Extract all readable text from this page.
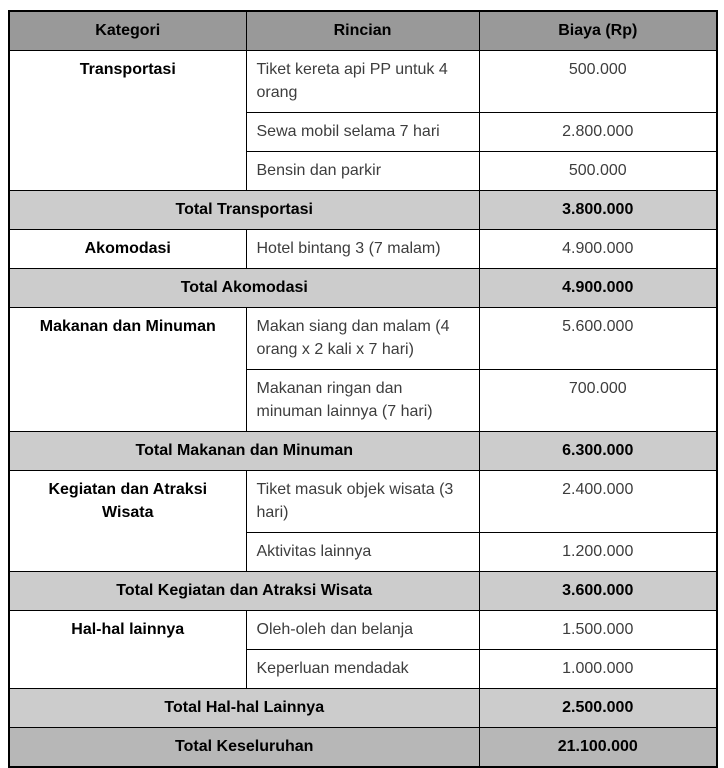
Kategori	Rincian	Biaya (Rp)
Transportasi	Tiket kereta api PP untuk 4 orang	500.000
	Sewa mobil selama 7 hari	2.800.000
	Bensin dan parkir	500.000
Total Transportasi		3.800.000
Akomodasi	Hotel bintang 3 (7 malam)	4.900.000
Total Akomodasi		4.900.000
Makanan dan Minuman	Makan siang dan malam (4 orang x 2 kali x 7 hari)	5.600.000
	Makanan ringan dan minuman lainnya (7 hari)	700.000
Total Makanan dan Minuman		6.300.000
Kegiatan dan Atraksi Wisata	Tiket masuk objek wisata (3 hari)	2.400.000
	Aktivitas lainnya	1.200.000
Total Kegiatan dan Atraksi Wisata		3.600.000
Hal-hal lainnya	Oleh-oleh dan belanja	1.500.000
	Keperluan mendadak	1.000.000
Total Hal-hal Lainnya		2.500.000
Total Keseluruhan		21.100.000
